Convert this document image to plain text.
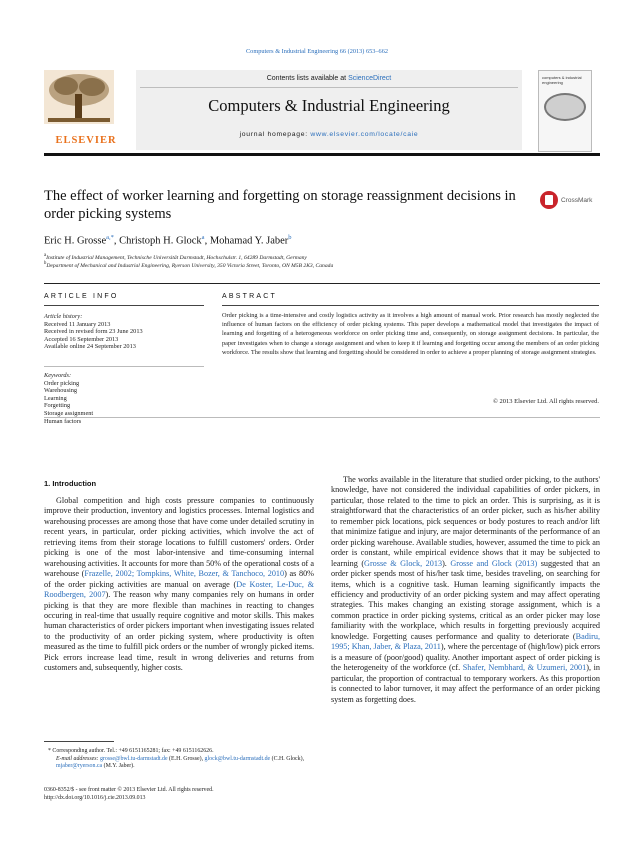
Computers & Industrial Engineering 66 (2013) 653–662
ELSEVIER
Contents lists available at ScienceDirect
Computers & Industrial Engineering
journal homepage: www.elsevier.com/locate/caie
computers & industrial engineering
The effect of worker learning and forgetting on storage reassignment decisions in order picking systems
CrossMark
Eric H. Grosse$^{a,*}$, Christoph H. Glock$^a$, Mohamad Y. Jaber$^b$
$^a$Institute of Industrial Management, Technische Universität Darmstadt, Hochschulstr. 1, 64289 Darmstadt, Germany
$^b$Department of Mechanical and Industrial Engineering, Ryerson University, 350 Victoria Street, Toronto, ON M5B 2K3, Canada
ARTICLE INFO
Article history:
Received 11 January 2013
Received in revised form 23 June 2013
Accepted 16 September 2013
Available online 24 September 2013
Keywords:
Order picking
Warehousing
Learning
Forgetting
Storage assignment
Human factors
ABSTRACT
Order picking is a time-intensive and costly logistics activity as it involves a high amount of manual work. Prior research has mostly neglected the influence of human factors on the efficiency of order picking systems. This paper develops a mathematical model that investigates the impact of learning and forgetting of a heterogeneous workforce on order picking time and, consequently, on storage assignment decisions. In particular, the paper investigates when to change a storage assignment and when to keep it if learning and forgetting occur among the members of an order picking workforce. The results show that learning and forgetting should be considered in order to achieve a proper planning of storage assignment strategies.
© 2013 Elsevier Ltd. All rights reserved.
1. Introduction
Global competition and high costs pressure companies to continuously improve their production, inventory and logistics processes. Internal logistics and warehousing processes are among those that have come under detailed scrutiny in recent years, in particular, order picking activities, which involve the act of retrieving items from their storage locations to fulfill customers' orders. Order picking is one of the most labor-intensive and time-consuming internal warehousing activities. It accounts for more than 50% of the operational costs of a warehouse (Frazelle, 2002; Tompkins, White, Bozer, & Tanchoco, 2010) as 80% of the order picking activities are manual on average (De Koster, Le-Duc, & Roodbergen, 2007). The reason why many companies rely on humans in order picking is that they are more flexible than machines in reacting to changes occuring in real-time that usually require cognitive and motor skills. This makes human characteristics of order pickers important when investigating issues related to the productivity of an order picking system, where productivity is often measured as the time to fulfill pick orders or the number of wrongly picked items. Pick errors increase lead time, result in wrong deliveries and returns from customers and, subsequently, higher costs.
The works available in the literature that studied order picking, to the authors' knowledge, have not considered the individual capabilities of order pickers, in particular, those related to the time to pick an order. This is surprising, as it is straightforward that the characteristics of an order picker, such as his/her ability to remember pick locations, pick sequences or body postures to reach and/or lift that minimize fatigue and injury, are major determinants of the performance of an order picking warehouse. Available studies, however, assumed the time to pick an order is constant, while empirical evidence shows that it may be subjected to learning (Grosse & Glock, 2013). Grosse and Glock (2013) suggested that an order picker spends most of his/her task time, besides traveling, on searching for items, which is a cognitive task. Human learning significantly impacts the efficiency and productivity of an order picking system and may affect operating strategies. This makes changing an existing storage assignment, which is a common practice in order picking systems, critical as an order picker may lose familiarity with the workplace, which results in forgetting previously acquired knowledge. Forgetting causes performance and quality to deteriorate (Badiru, 1995; Khan, Jaber, & Plaza, 2011), where the percentage of (high/low) pick errors is a measure of (poor/good) quality. Another important aspect of order picking is the heterogeneity of the workforce (cf. Shafer, Nembhard, & Uzumeri, 2001), in particular, the proportion of contractual to temporary workers. As this proportion is connected to labor turnover, it may affect the performance of an order picking system as forgetting does.
* Corresponding author. Tel.: +49 6151165281; fax: +49 6151162626.
E-mail addresses: grosse@bwl.tu-darmstadt.de (E.H. Grosse), glock@bwl.tu-darmstadt.de (C.H. Glock), mjaber@ryerson.ca (M.Y. Jaber).
0360-8352/$ - see front matter © 2013 Elsevier Ltd. All rights reserved.
http://dx.doi.org/10.1016/j.cie.2013.09.013
